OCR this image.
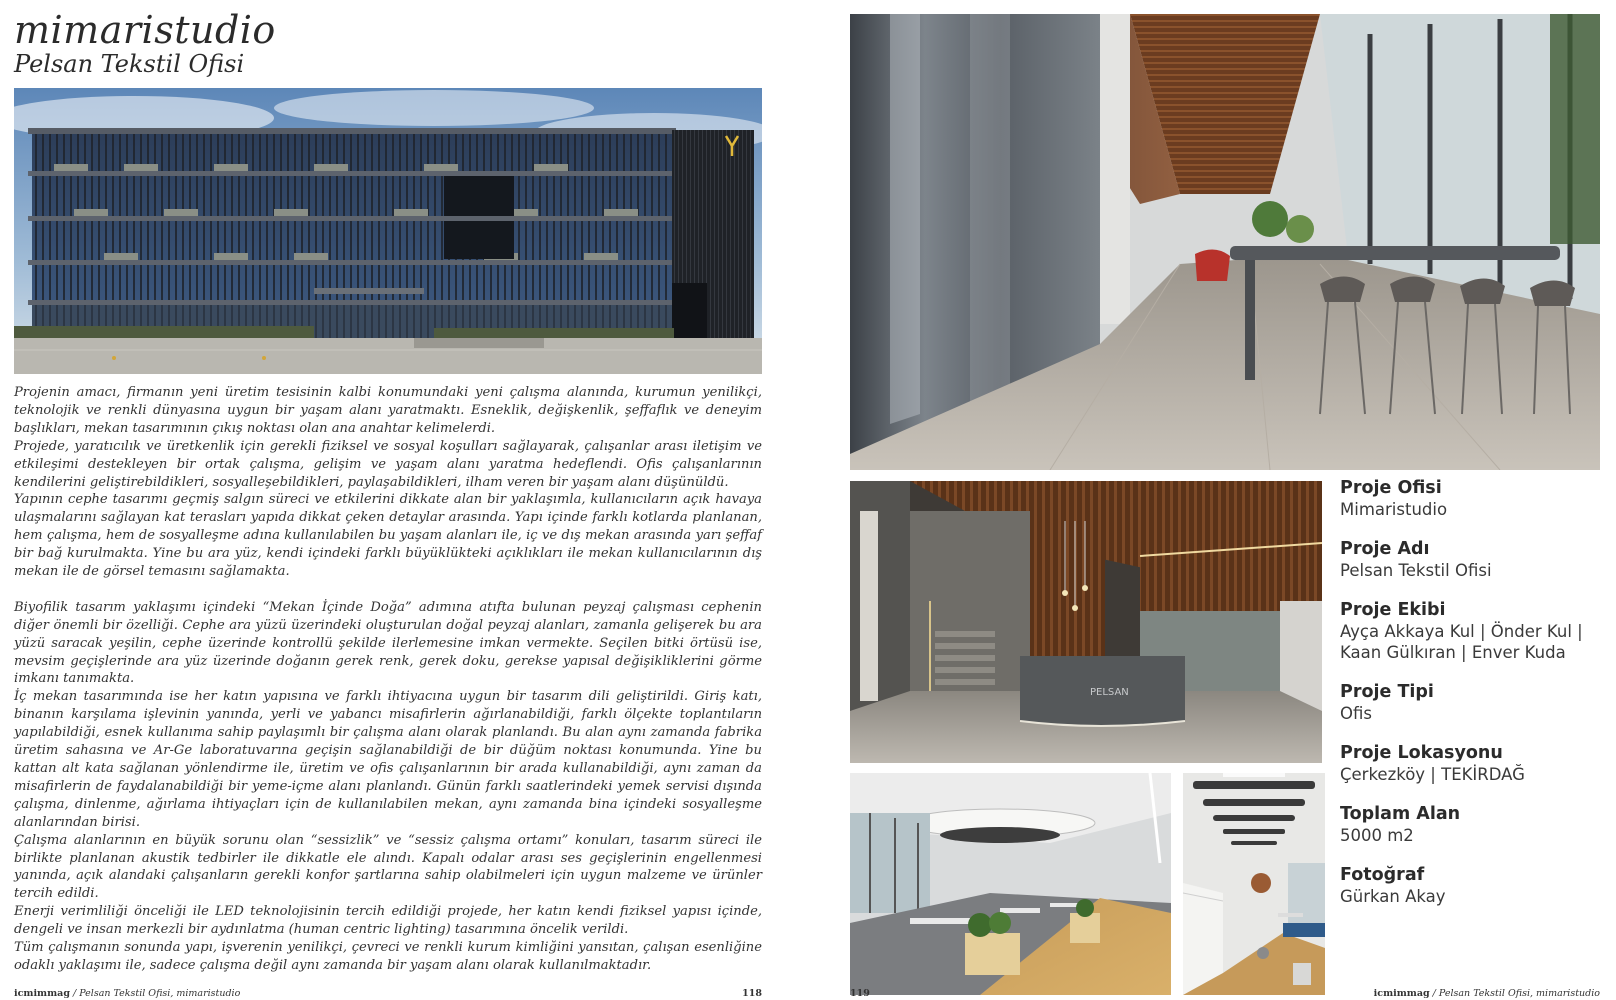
mimaristudio
Pelsan Tekstil Ofisi

Projenin amacı, firmanın yeni üretim tesisinin kalbi konumundaki yeni çalışma alanında, kurumun yenilikçi, teknolojik ve renkli dünyasına uygun bir yaşam alanı yaratmaktı. Esneklik, değişkenlik, şeffaflık ve deneyim başlıkları, mekan tasarımının çıkış noktası olan ana anahtar kelimelerdi.

Projede, yaratıcılık ve üretkenlik için gerekli fiziksel ve sosyal koşulları sağlayarak, çalışanlar arası iletişim ve etkileşimi destekleyen bir ortak çalışma, gelişim ve yaşam alanı yaratma hedeflendi. Ofis çalışanlarının kendilerini geliştirebildikleri, sosyalleşebildikleri, paylaşabildikleri, ilham veren bir yaşam alanı düşünüldü.

Yapının cephe tasarımı geçmiş salgın süreci ve etkilerini dikkate alan bir yaklaşımla, kullanıcıların açık havaya ulaşmalarını sağlayan kat terasları yapıda dikkat çeken detaylar arasında. Yapı içinde farklı kotlarda planlanan, hem çalışma, hem de sosyalleşme adına kullanılabilen bu yaşam alanları ile, iç ve dış mekan arasında yarı şeffaf bir bağ kurulmakta. Yine bu ara yüz, kendi içindeki farklı büyüklükteki açıklıkları ile mekan kullanıcılarının dış mekan ile de görsel temasını sağlamakta.

Biyofilik tasarım yaklaşımı içindeki “Mekan İçinde Doğa” adımına atıfta bulunan peyzaj çalışması cephenin diğer önemli bir özelliği. Cephe ara yüzü üzerindeki oluşturulan doğal peyzaj alanları, zamanla gelişerek bu ara yüzü saracak yeşilin, cephe üzerinde kontrollü şekilde ilerlemesine imkan vermekte. Seçilen bitki örtüsü ise, mevsim geçişlerinde ara yüz üzerinde doğanın gerek renk, gerek doku, gerekse yapısal değişikliklerini görme imkanı tanımakta.

İç mekan tasarımında ise her katın yapısına ve farklı ihtiyacına uygun bir tasarım dili geliştirildi. Giriş katı, binanın karşılama işlevinin yanında, yerli ve yabancı misafirlerin ağırlanabildiği, farklı ölçekte toplantıların yapılabildiği, esnek kullanıma sahip paylaşımlı bir çalışma alanı olarak planlandı. Bu alan aynı zamanda fabrika üretim sahasına ve Ar-Ge laboratuvarına geçişin sağlanabildiği de bir düğüm noktası konumunda. Yine bu kattan alt kata sağlanan yönlendirme ile, üretim ve ofis çalışanlarının bir arada kullanabildiği, aynı zaman da misafirlerin de faydalanabildiği bir yeme-içme alanı planlandı. Günün farklı saatlerindeki yemek servisi dışında çalışma, dinlenme, ağırlama ihtiyaçları için de kullanılabilen mekan, aynı zamanda bina içindeki sosyalleşme alanlarından birisi.

Çalışma alanlarının en büyük sorunu olan “sessizlik” ve “sessiz çalışma ortamı” konuları, tasarım süreci ile birlikte planlanan akustik tedbirler ile dikkatle ele alındı. Kapalı odalar arası ses geçişlerinin engellenmesi yanında, açık alandaki çalışanların gerekli konfor şartlarına sahip olabilmeleri için uygun malzeme ve ürünler tercih edildi.

Enerji verimliliği önceliği ile LED teknolojisinin tercih edildiği projede, her katın kendi fiziksel yapısı içinde, dengeli ve insan merkezli bir aydınlatma (human centric lighting) tasarımına öncelik verildi.

Tüm çalışmanın sonunda yapı, işverenin yenilikçi, çevreci ve renkli kurum kimliğini yansıtan, çalışan esenliğine odaklı yaklaşımı ile, sadece çalışma değil aynı zamanda bir yaşam alanı olarak kullanılmaktadır.

icmimmag / Pelsan Tekstil Ofisi, mimaristudio	118
PELSAN
Proje Ofisi
Mimaristudio
Proje Adı
Pelsan Tekstil Ofisi
Proje Ekibi
Ayça Akkaya Kul | Önder Kul | Kaan Gülkıran | Enver Kuda
Proje Tipi
Ofis
Proje Lokasyonu
Çerkezköy | TEKİRDAĞ
Toplam Alan
5000 m2
Fotoğraf
Gürkan Akay
119	icmimmag / Pelsan Tekstil Ofisi, mimaristudio
